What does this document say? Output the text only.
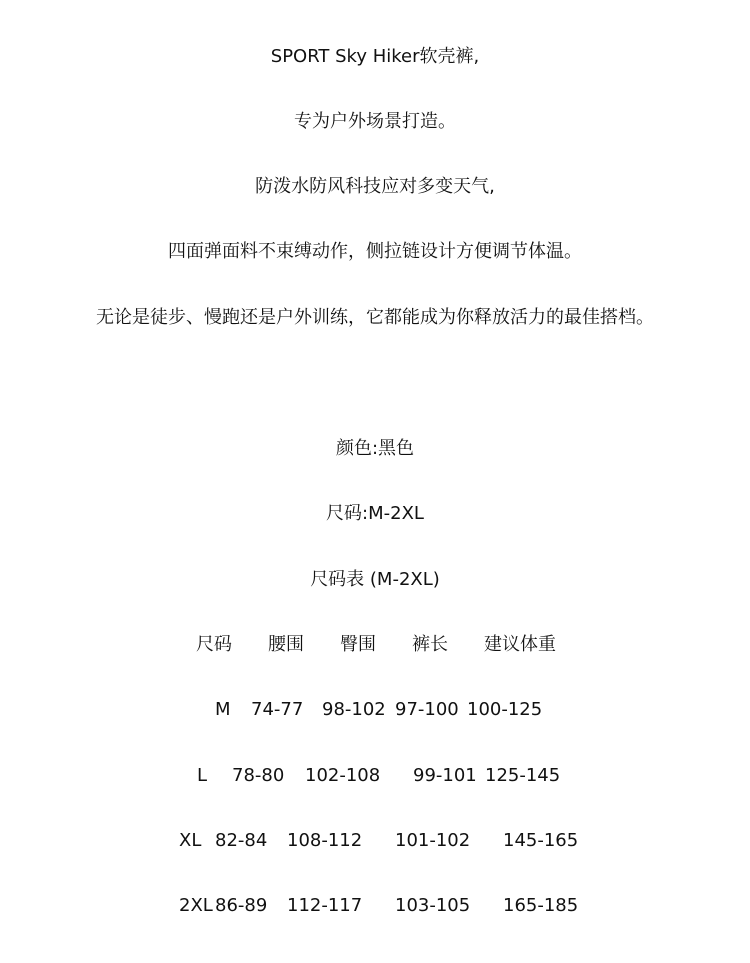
SPORT Sky Hiker软壳裤,
专为户外场景打造。
防泼水防风科技应对多变天气,
四面弹面料不束缚动作，侧拉链设计方便调节体温。
无论是徒步、慢跑还是户外训练，它都能成为你释放活力的最佳搭档。
颜色:黑色
尺码:M-2XL
尺码表 (M-2XL)
尺码 腰围 臀围 裤长 建议体重
M 74-77 98-102 97-100 100-125
L 78-80 102-108 99-101 125-145
XL 82-84 108-112 101-102 145-165
2XL 86-89 112-117 103-105 165-185
